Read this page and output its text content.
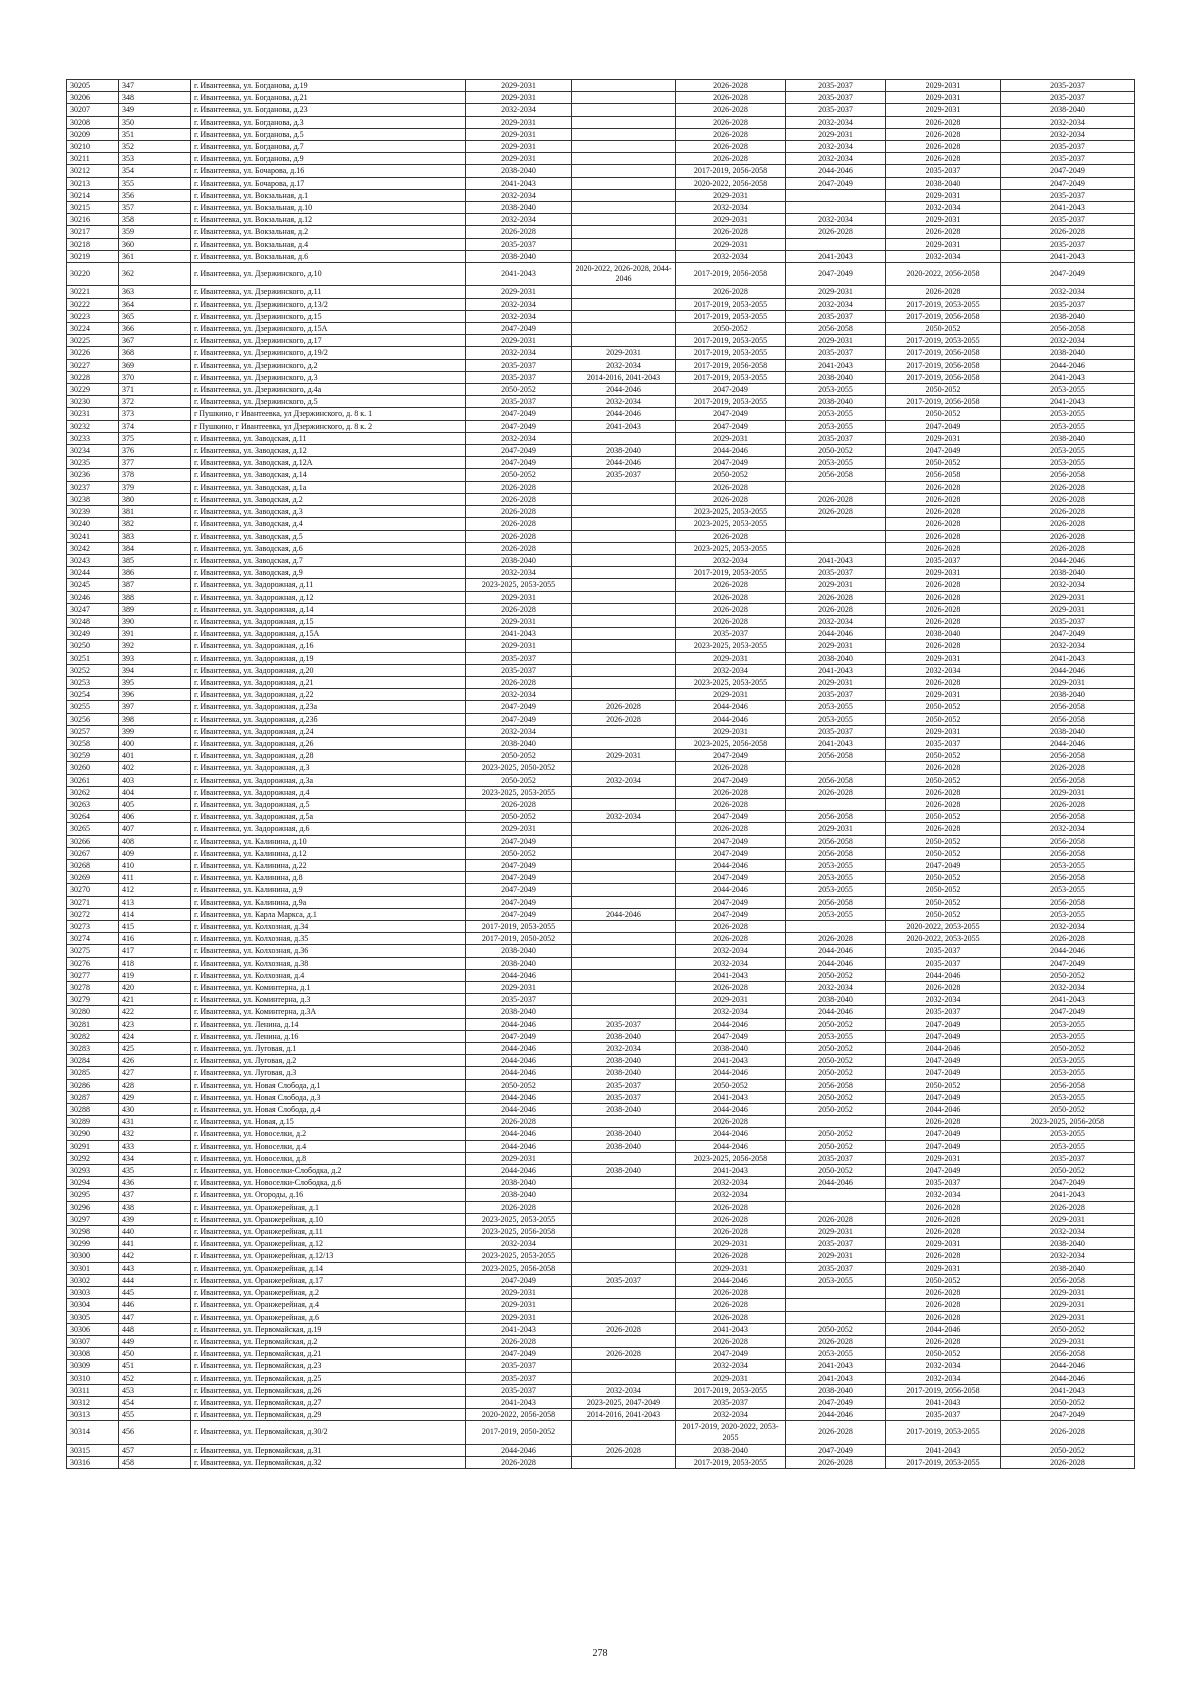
30205	347	г. Ивантеевка, ул. Богданова, д.19	2029-2031		2026-2028	2035-2037	2029-2031	2035-2037
30206	348	г. Ивантеевка, ул. Богданова, д.21	2029-2031		2026-2028	2035-2037	2029-2031	2035-2037
30207	349	г. Ивантеевка, ул. Богданова, д.23	2032-2034		2026-2028	2035-2037	2029-2031	2038-2040
30208	350	г. Ивантеевка, ул. Богданова, д.3	2029-2031		2026-2028	2032-2034	2026-2028	2032-2034
30209	351	г. Ивантеевка, ул. Богданова, д.5	2029-2031		2026-2028	2029-2031	2026-2028	2032-2034
30210	352	г. Ивантеевка, ул. Богданова, д.7	2029-2031		2026-2028	2032-2034	2026-2028	2035-2037
30211	353	г. Ивантеевка, ул. Богданова, д.9	2029-2031		2026-2028	2032-2034	2026-2028	2035-2037
30212	354	г. Ивантеевка, ул. Бочарова, д.16	2038-2040		2017-2019, 2056-2058	2044-2046	2035-2037	2047-2049
30213	355	г. Ивантеевка, ул. Бочарова, д.17	2041-2043		2020-2022, 2056-2058	2047-2049	2038-2040	2047-2049
30214	356	г. Ивантеевка, ул. Вокзальная, д.1	2032-2034		2029-2031		2029-2031	2035-2037
30215	357	г. Ивантеевка, ул. Вокзальная, д.10	2038-2040		2032-2034		2032-2034	2041-2043
30216	358	г. Ивантеевка, ул. Вокзальная, д.12	2032-2034		2029-2031	2032-2034	2029-2031	2035-2037
30217	359	г. Ивантеевка, ул. Вокзальная, д.2	2026-2028		2026-2028	2026-2028	2026-2028	2026-2028
30218	360	г. Ивантеевка, ул. Вокзальная, д.4	2035-2037		2029-2031		2029-2031	2035-2037
30219	361	г. Ивантеевка, ул. Вокзальная, д.6	2038-2040		2032-2034	2041-2043	2032-2034	2041-2043
30220	362	г. Ивантеевка, ул. Дзержинского, д.10	2041-2043	2020-2022, 2026-2028, 2044-2046	2017-2019, 2056-2058	2047-2049	2020-2022, 2056-2058	2047-2049
30221	363	г. Ивантеевка, ул. Дзержинского, д.11	2029-2031		2026-2028	2029-2031	2026-2028	2032-2034
30222	364	г. Ивантеевка, ул. Дзержинского, д.13/2	2032-2034		2017-2019, 2053-2055	2032-2034	2017-2019, 2053-2055	2035-2037
30223	365	г. Ивантеевка, ул. Дзержинского, д.15	2032-2034		2017-2019, 2053-2055	2035-2037	2017-2019, 2056-2058	2038-2040
30224	366	г. Ивантеевка, ул. Дзержинского, д.15А	2047-2049		2050-2052	2056-2058	2050-2052	2056-2058
30225	367	г. Ивантеевка, ул. Дзержинского, д.17	2029-2031		2017-2019, 2053-2055	2029-2031	2017-2019, 2053-2055	2032-2034
30226	368	г. Ивантеевка, ул. Дзержинского, д.19/2	2032-2034	2029-2031	2017-2019, 2053-2055	2035-2037	2017-2019, 2056-2058	2038-2040
30227	369	г. Ивантеевка, ул. Дзержинского, д.2	2035-2037	2032-2034	2017-2019, 2056-2058	2041-2043	2017-2019, 2056-2058	2044-2046
30228	370	г. Ивантеевка, ул. Дзержинского, д.3	2035-2037	2014-2016, 2041-2043	2017-2019, 2053-2055	2038-2040	2017-2019, 2056-2058	2041-2043
30229	371	г. Ивантеевка, ул. Дзержинского, д.4а	2050-2052	2044-2046	2047-2049	2053-2055	2050-2052	2053-2055
30230	372	г. Ивантеевка, ул. Дзержинского, д.5	2035-2037	2032-2034	2017-2019, 2053-2055	2038-2040	2017-2019, 2056-2058	2041-2043
30231	373	г Пушкино, г Ивантеевка, ул Дзержинского, д. 8 к. 1	2047-2049	2044-2046	2047-2049	2053-2055	2050-2052	2053-2055
30232	374	г Пушкино, г Ивантеевка, ул Дзержинского, д. 8 к. 2	2047-2049	2041-2043	2047-2049	2053-2055	2047-2049	2053-2055
30233	375	г. Ивантеевка, ул. Заводская, д.11	2032-2034		2029-2031	2035-2037	2029-2031	2038-2040
30234	376	г. Ивантеевка, ул. Заводская, д.12	2047-2049	2038-2040	2044-2046	2050-2052	2047-2049	2053-2055
30235	377	г. Ивантеевка, ул. Заводская, д.12А	2047-2049	2044-2046	2047-2049	2053-2055	2050-2052	2053-2055
30236	378	г. Ивантеевка, ул. Заводская, д.14	2050-2052	2035-2037	2050-2052	2056-2058	2056-2058	2056-2058
30237	379	г. Ивантеевка, ул. Заводская, д.1а	2026-2028		2026-2028		2026-2028	2026-2028
30238	380	г. Ивантеевка, ул. Заводская, д.2	2026-2028		2026-2028	2026-2028	2026-2028	2026-2028
30239	381	г. Ивантеевка, ул. Заводская, д.3	2026-2028		2023-2025, 2053-2055	2026-2028	2026-2028	2026-2028
30240	382	г. Ивантеевка, ул. Заводская, д.4	2026-2028		2023-2025, 2053-2055		2026-2028	2026-2028
30241	383	г. Ивантеевка, ул. Заводская, д.5	2026-2028		2026-2028		2026-2028	2026-2028
30242	384	г. Ивантеевка, ул. Заводская, д.6	2026-2028		2023-2025, 2053-2055		2026-2028	2026-2028
30243	385	г. Ивантеевка, ул. Заводская, д.7	2038-2040		2032-2034	2041-2043	2035-2037	2044-2046
30244	386	г. Ивантеевка, ул. Заводская, д.9	2032-2034		2017-2019, 2053-2055	2035-2037	2029-2031	2038-2040
30245	387	г. Ивантеевка, ул. Задорожная, д.11	2023-2025, 2053-2055		2026-2028	2029-2031	2026-2028	2032-2034
30246	388	г. Ивантеевка, ул. Задорожная, д.12	2029-2031		2026-2028	2026-2028	2026-2028	2029-2031
30247	389	г. Ивантеевка, ул. Задорожная, д.14	2026-2028		2026-2028	2026-2028	2026-2028	2029-2031
30248	390	г. Ивантеевка, ул. Задорожная, д.15	2029-2031		2026-2028	2032-2034	2026-2028	2035-2037
30249	391	г. Ивантеевка, ул. Задорожная, д.15А	2041-2043		2035-2037	2044-2046	2038-2040	2047-2049
30250	392	г. Ивантеевка, ул. Задорожная, д.16	2029-2031		2023-2025, 2053-2055	2029-2031	2026-2028	2032-2034
30251	393	г. Ивантеевка, ул. Задорожная, д.19	2035-2037		2029-2031	2038-2040	2029-2031	2041-2043
30252	394	г. Ивантеевка, ул. Задорожная, д.20	2035-2037		2032-2034	2041-2043	2032-2034	2044-2046
30253	395	г. Ивантеевка, ул. Задорожная, д.21	2026-2028		2023-2025, 2053-2055	2029-2031	2026-2028	2029-2031
30254	396	г. Ивантеевка, ул. Задорожная, д.22	2032-2034		2029-2031	2035-2037	2029-2031	2038-2040
30255	397	г. Ивантеевка, ул. Задорожная, д.23а	2047-2049	2026-2028	2044-2046	2053-2055	2050-2052	2056-2058
30256	398	г. Ивантеевка, ул. Задорожная, д.23б	2047-2049	2026-2028	2044-2046	2053-2055	2050-2052	2056-2058
30257	399	г. Ивантеевка, ул. Задорожная, д.24	2032-2034		2029-2031	2035-2037	2029-2031	2038-2040
30258	400	г. Ивантеевка, ул. Задорожная, д.26	2038-2040		2023-2025, 2056-2058	2041-2043	2035-2037	2044-2046
30259	401	г. Ивантеевка, ул. Задорожная, д.28	2050-2052	2029-2031	2047-2049	2056-2058	2050-2052	2056-2058
30260	402	г. Ивантеевка, ул. Задорожная, д.3	2023-2025, 2050-2052		2026-2028		2026-2028	2026-2028
30261	403	г. Ивантеевка, ул. Задорожная, д.3а	2050-2052	2032-2034	2047-2049	2056-2058	2050-2052	2056-2058
30262	404	г. Ивантеевка, ул. Задорожная, д.4	2023-2025, 2053-2055		2026-2028	2026-2028	2026-2028	2029-2031
30263	405	г. Ивантеевка, ул. Задорожная, д.5	2026-2028		2026-2028		2026-2028	2026-2028
30264	406	г. Ивантеевка, ул. Задорожная, д.5а	2050-2052	2032-2034	2047-2049	2056-2058	2050-2052	2056-2058
30265	407	г. Ивантеевка, ул. Задорожная, д.6	2029-2031		2026-2028	2029-2031	2026-2028	2032-2034
30266	408	г. Ивантеевка, ул. Калинина, д.10	2047-2049		2047-2049	2056-2058	2050-2052	2056-2058
30267	409	г. Ивантеевка, ул. Калинина, д.12	2050-2052		2047-2049	2056-2058	2050-2052	2056-2058
30268	410	г. Ивантеевка, ул. Калинина, д.22	2047-2049		2044-2046	2053-2055	2047-2049	2053-2055
30269	411	г. Ивантеевка, ул. Калинина, д.8	2047-2049		2047-2049	2053-2055	2050-2052	2056-2058
30270	412	г. Ивантеевка, ул. Калинина, д.9	2047-2049		2044-2046	2053-2055	2050-2052	2053-2055
30271	413	г. Ивантеевка, ул. Калинина, д.9а	2047-2049		2047-2049	2056-2058	2050-2052	2056-2058
30272	414	г. Ивантеевка, ул. Карла Маркса, д.1	2047-2049	2044-2046	2047-2049	2053-2055	2050-2052	2053-2055
30273	415	г. Ивантеевка, ул. Колхозная, д.34	2017-2019, 2053-2055		2026-2028		2020-2022, 2053-2055	2032-2034
30274	416	г. Ивантеевка, ул. Колхозная, д.35	2017-2019, 2050-2052		2026-2028	2026-2028	2020-2022, 2053-2055	2026-2028
30275	417	г. Ивантеевка, ул. Колхозная, д.36	2038-2040		2032-2034	2044-2046	2035-2037	2044-2046
30276	418	г. Ивантеевка, ул. Колхозная, д.38	2038-2040		2032-2034	2044-2046	2035-2037	2047-2049
30277	419	г. Ивантеевка, ул. Колхозная, д.4	2044-2046		2041-2043	2050-2052	2044-2046	2050-2052
30278	420	г. Ивантеевка, ул. Коминтерна, д.1	2029-2031		2026-2028	2032-2034	2026-2028	2032-2034
30279	421	г. Ивантеевка, ул. Коминтерна, д.3	2035-2037		2029-2031	2038-2040	2032-2034	2041-2043
30280	422	г. Ивантеевка, ул. Коминтерна, д.3А	2038-2040		2032-2034	2044-2046	2035-2037	2047-2049
30281	423	г. Ивантеевка, ул. Ленина, д.14	2044-2046	2035-2037	2044-2046	2050-2052	2047-2049	2053-2055
30282	424	г. Ивантеевка, ул. Ленина, д.16	2047-2049	2038-2040	2047-2049	2053-2055	2047-2049	2053-2055
30283	425	г. Ивантеевка, ул. Луговая, д.1	2044-2046	2032-2034	2038-2040	2050-2052	2044-2046	2050-2052
30284	426	г. Ивантеевка, ул. Луговая, д.2	2044-2046	2038-2040	2041-2043	2050-2052	2047-2049	2053-2055
30285	427	г. Ивантеевка, ул. Луговая, д.3	2044-2046	2038-2040	2044-2046	2050-2052	2047-2049	2053-2055
30286	428	г. Ивантеевка, ул. Новая Слобода, д.1	2050-2052	2035-2037	2050-2052	2056-2058	2050-2052	2056-2058
30287	429	г. Ивантеевка, ул. Новая Слобода, д.3	2044-2046	2035-2037	2041-2043	2050-2052	2047-2049	2053-2055
30288	430	г. Ивантеевка, ул. Новая Слобода, д.4	2044-2046	2038-2040	2044-2046	2050-2052	2044-2046	2050-2052
30289	431	г. Ивантеевка, ул. Новая, д.15	2026-2028		2026-2028		2026-2028	2023-2025, 2056-2058
30290	432	г. Ивантеевка, ул. Новоселки, д.2	2044-2046	2038-2040	2044-2046	2050-2052	2047-2049	2053-2055
30291	433	г. Ивантеевка, ул. Новоселки, д.4	2044-2046	2038-2040	2044-2046	2050-2052	2047-2049	2053-2055
30292	434	г. Ивантеевка, ул. Новоселки, д.8	2029-2031		2023-2025, 2056-2058	2035-2037	2029-2031	2035-2037
30293	435	г. Ивантеевка, ул. Новоселки-Слободка, д.2	2044-2046	2038-2040	2041-2043	2050-2052	2047-2049	2050-2052
30294	436	г. Ивантеевка, ул. Новоселки-Слободка, д.6	2038-2040		2032-2034	2044-2046	2035-2037	2047-2049
30295	437	г. Ивантеевка, ул. Огороды, д.16	2038-2040		2032-2034		2032-2034	2041-2043
30296	438	г. Ивантеевка, ул. Оранжерейная, д.1	2026-2028		2026-2028		2026-2028	2026-2028
30297	439	г. Ивантеевка, ул. Оранжерейная, д.10	2023-2025, 2053-2055		2026-2028	2026-2028	2026-2028	2029-2031
30298	440	г. Ивантеевка, ул. Оранжерейная, д.11	2023-2025, 2056-2058		2026-2028	2029-2031	2026-2028	2032-2034
30299	441	г. Ивантеевка, ул. Оранжерейная, д.12	2032-2034		2029-2031	2035-2037	2029-2031	2038-2040
30300	442	г. Ивантеевка, ул. Оранжерейная, д.12/13	2023-2025, 2053-2055		2026-2028	2029-2031	2026-2028	2032-2034
30301	443	г. Ивантеевка, ул. Оранжерейная, д.14	2023-2025, 2056-2058		2029-2031	2035-2037	2029-2031	2038-2040
30302	444	г. Ивантеевка, ул. Оранжерейная, д.17	2047-2049	2035-2037	2044-2046	2053-2055	2050-2052	2056-2058
30303	445	г. Ивантеевка, ул. Оранжерейная, д.2	2029-2031		2026-2028		2026-2028	2029-2031
30304	446	г. Ивантеевка, ул. Оранжерейная, д.4	2029-2031		2026-2028		2026-2028	2029-2031
30305	447	г. Ивантеевка, ул. Оранжерейная, д.6	2029-2031		2026-2028		2026-2028	2029-2031
30306	448	г. Ивантеевка, ул. Первомайская, д.19	2041-2043	2026-2028	2041-2043	2050-2052	2044-2046	2050-2052
30307	449	г. Ивантеевка, ул. Первомайская, д.2	2026-2028		2026-2028	2026-2028	2026-2028	2029-2031
30308	450	г. Ивантеевка, ул. Первомайская, д.21	2047-2049	2026-2028	2047-2049	2053-2055	2050-2052	2056-2058
30309	451	г. Ивантеевка, ул. Первомайская, д.23	2035-2037		2032-2034	2041-2043	2032-2034	2044-2046
30310	452	г. Ивантеевка, ул. Первомайская, д.25	2035-2037		2029-2031	2041-2043	2032-2034	2044-2046
30311	453	г. Ивантеевка, ул. Первомайская, д.26	2035-2037	2032-2034	2017-2019, 2053-2055	2038-2040	2017-2019, 2056-2058	2041-2043
30312	454	г. Ивантеевка, ул. Первомайская, д.27	2041-2043	2023-2025, 2047-2049	2035-2037	2047-2049	2041-2043	2050-2052
30313	455	г. Ивантеевка, ул. Первомайская, д.29	2020-2022, 2056-2058	2014-2016, 2041-2043	2032-2034	2044-2046	2035-2037	2047-2049
30314	456	г. Ивантеевка, ул. Первомайская, д.30/2	2017-2019, 2050-2052		2017-2019, 2020-2022, 2053-2055	2026-2028	2017-2019, 2053-2055	2026-2028
30315	457	г. Ивантеевка, ул. Первомайская, д.31	2044-2046	2026-2028	2038-2040	2047-2049	2041-2043	2050-2052
30316	458	г. Ивантеевка, ул. Первомайская, д.32	2026-2028		2017-2019, 2053-2055	2026-2028	2017-2019, 2053-2055	2026-2028
278
